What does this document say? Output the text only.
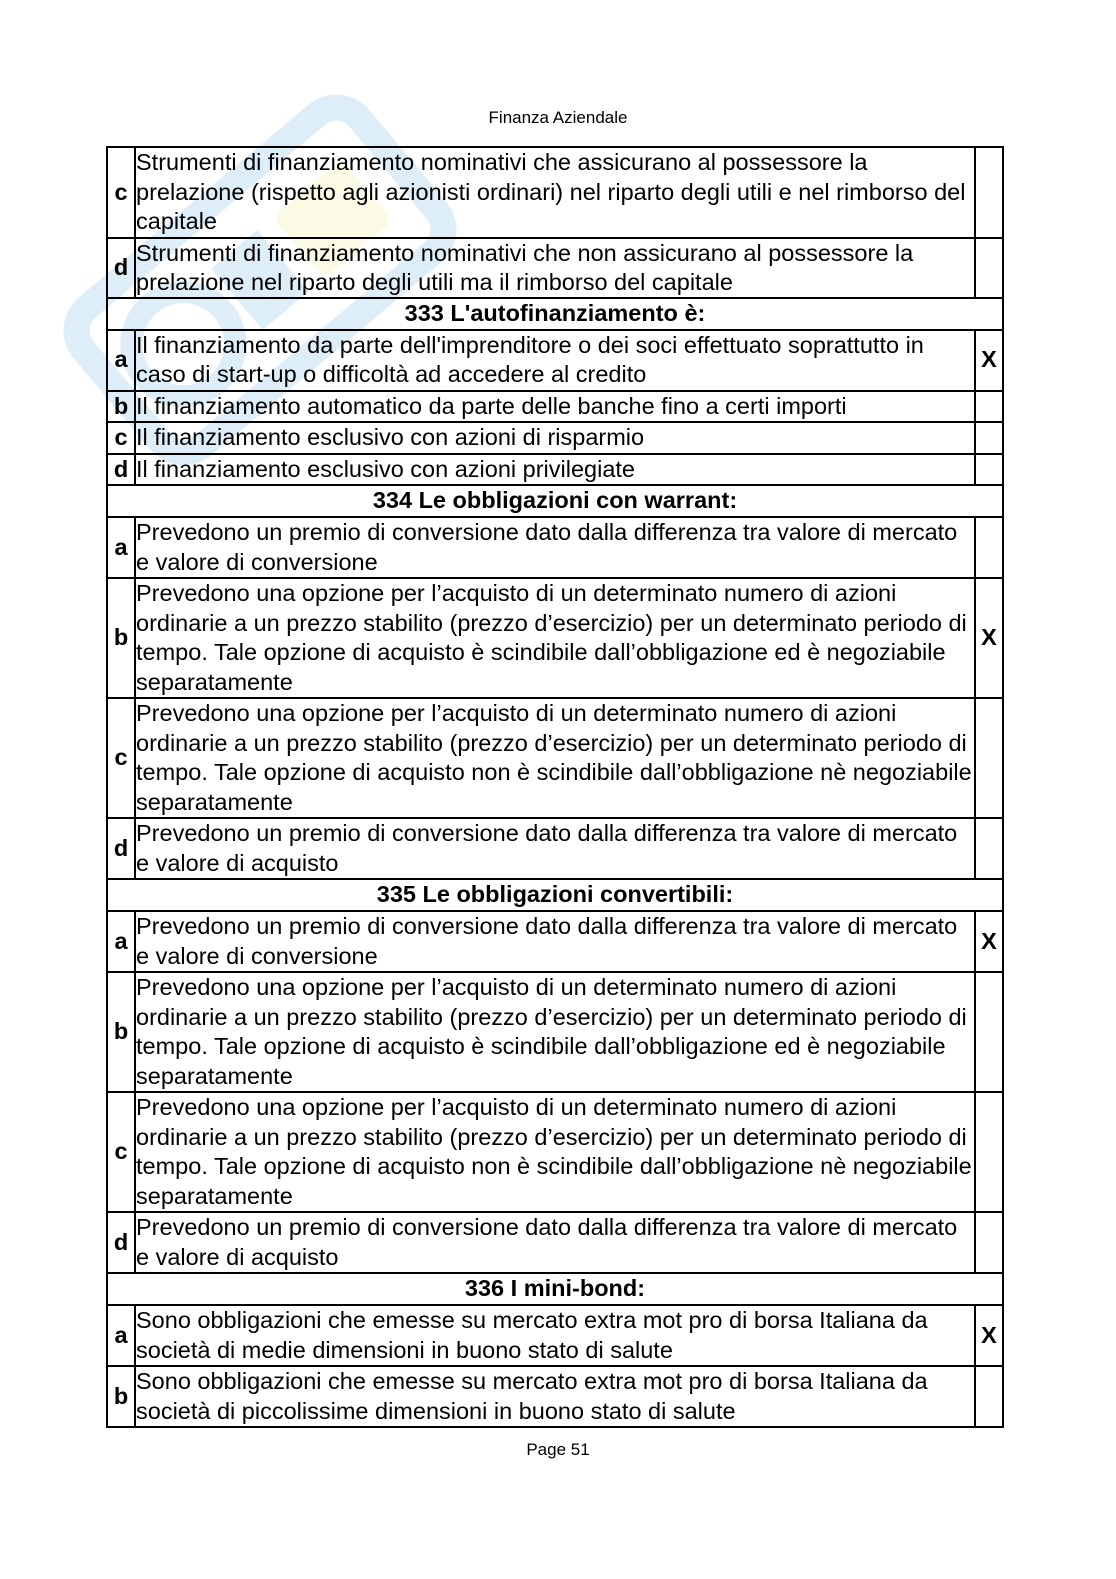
Finanza Aziendale
c	Strumenti di finanziamento nominativi che assicurano al possessore la prelazione (rispetto agli azionisti ordinari) nel riparto degli utili e nel rimborso del capitale	
d	Strumenti di finanziamento nominativi che non assicurano al possessore la prelazione nel riparto degli utili ma il rimborso del capitale	

333 L'autofinanziamento è:		
a	Il finanziamento da parte dell'imprenditore o dei soci effettuato soprattutto in caso di start-up o difficoltà ad accedere al credito	X
b	Il finanziamento automatico da parte delle banche fino a certi importi	
c	Il finanziamento esclusivo con azioni di risparmio	
d	Il finanziamento esclusivo con azioni privilegiate	
334 Le obbligazioni con warrant:		
a	Prevedono un premio di conversione dato dalla differenza tra valore di mercato e valore di conversione	
b	Prevedono una opzione per l’acquisto di un determinato numero di azioni ordinarie a un prezzo stabilito (prezzo d’esercizio) per un determinato periodo di tempo. Tale opzione di acquisto è scindibile dall’obbligazione ed è negoziabile separatamente	X
c	Prevedono una opzione per l’acquisto di un determinato numero di azioni ordinarie a un prezzo stabilito (prezzo d’esercizio) per un determinato periodo di tempo. Tale opzione di acquisto non è scindibile dall’obbligazione nè negoziabile separatamente	
d	Prevedono un premio di conversione dato dalla differenza tra valore di mercato e valore di acquisto	
335 Le obbligazioni convertibili:		
a	Prevedono un premio di conversione dato dalla differenza tra valore di mercato e valore di conversione	X
b	Prevedono una opzione per l’acquisto di un determinato numero di azioni ordinarie a un prezzo stabilito (prezzo d’esercizio) per un determinato periodo di tempo. Tale opzione di acquisto è scindibile dall’obbligazione ed è negoziabile separatamente	
c	Prevedono una opzione per l’acquisto di un determinato numero di azioni ordinarie a un prezzo stabilito (prezzo d’esercizio) per un determinato periodo di tempo. Tale opzione di acquisto non è scindibile dall’obbligazione nè negoziabile separatamente	
d	Prevedono un premio di conversione dato dalla differenza tra valore di mercato e valore di acquisto	
336 I mini-bond:		
a	Sono obbligazioni che emesse su mercato extra mot pro di borsa Italiana da società di medie dimensioni in buono stato di salute	X
b	Sono obbligazioni che emesse su mercato extra mot pro di borsa Italiana da società di piccolissime dimensioni in buono stato di salute	
Page 51
